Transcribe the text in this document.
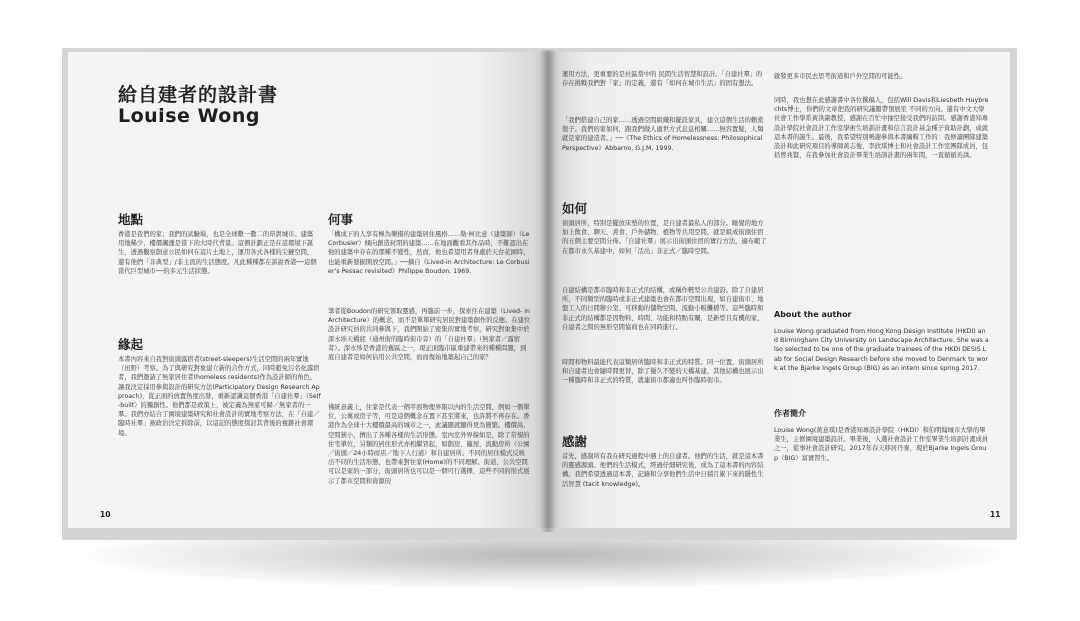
給自建者的設計書
Louise Wong
地點
香港是我們的家；我們的試驗場，也是全球數一數二的昂貴城市。建築用地稀少，樓價飆漲是當下的大時代背景。這個計劃正是在這環境下誕生，透過觀察創意公民如何在這片土地上，運用各式各樣的尖鏈空間，還有他們「非典型」/非主流的生活態度。凡此種種都在訴說香港──這個當代巨型城市──的多元生活狀態。
緣起
本書內容來自我對街頭露宿者(street-sleepers)生活空間的兩年實地（田野）考察。為了與研究對象建立新的合作方式，同時避免污名化露宿者，我們邀請了無家居住者(homeless residents)作為設計師的角色，讓我決定採用參與設計的研究方法(Participatory Design Research Approach)，從正面的放置角度出發，重新認識這個香港「自建社羣」（Self-built）的獨創性。他們都是政策上，被定義為無家可歸／無家者的一羣。我們亦結合了園境建築研究和社會設計的實地考察方法，在「自建／臨時社羣」被政治決定拆除前，以這記的態度探討其背後的複雜社會環境。
何事
「構成下的人享有極為樂揚的建築居住風格……勒·柯比意（建築師）（Le Corbusier）傾向創造封閉的建築……在地面觀看其作品時，不難認出在他的建築中存在的那種不變性，然而，他也希望用者身處於天台花園時，也能重新發掘開放空間。」──摘自《Lived-in Architecture: Le Corbusier's Pessac revisited》Philippe Boudon, 1969.
筆者從Boudon的研究領取靈感，再臨前一步，探索住在建築（Lived- in Architecture）的概念，而不是單單研究居民對建築創作的反應。在建位設計研究員的共同參與下，我們開始了密集的實地考察，研究對象集中於深水埗天橋底（通州街的臨時街市旁）的「自建社羣」（無家者／露宿者）。深水埗是香港的舊區之一，現正面臨市區重建帶來的種種問題，到底自建者是如何佔用公共空間，而而復始地築起自己的家？
佛統意義上，住家是代表一個平面物理界限以內的生活空間，例如一個單位、公寓或房子等，可是這個概念在置下甚至將來，也許將不再存在。香港作為全球十大樓價最高的城市之一，此議題就顯得更為簡繁。樓價高、空間狹小，擠出了各種各樣的生活形態。室內室外界線如是，除了常規的住宅單位，另類的居住形式亦相繼冒起，如劏房、籠屋、流動房所（公園／街頭／24小時商店／地下人行道）和自建居所。不同的居住模式反映出不同的生活形態，也帶來對住家(Home)的不同理解。街道、公共空間可以是家的一部分，街頭居所也可以是一個可行選擇，這些不同的形式展示了都市空間和資源的
10
運用方法，更重要的是社區當中的 民間生活智慧和設計。「自建社羣」的存在挑戰我們對「家」的定義，還有「如何在城市生活」的固有想法。
「我們搭建自己的家……透過空間組織和擺設家具，建立這個生活的賴密殼子。我們的家如何，跟我們做人處世方式息息相關……無容置疑，人類就是家的建造者。」──《The Ethics of Homelessness: Philosophical Perspective》Abbarno, G.J.M, 1999.
如何
街頭居所，特別是擺放床墊的位置，是自建者最私人的部分。睡覺的地方加上飲食、聊天、煮食、戶外儲物、植物等共用空間，就是組成街頭住宿的五個主要空間分佈。「自建社羣」展示出街頭住宿的實行方法，遍布範了在都市永久基建中，如何「活出」非正式／臨時空間。
自建結構是都市臨時和非正式的結構，或稱作輕型公共建設。除了自建居所，不同類型的臨時或非正式建築也會在都市空間出現，如自建街市、地盤工人的日間辦公室、可移動的儲物空間、流動小販攤檔等。這些臨時和非正式的結構都是因物料、時間、功能和特點有關，是新型且有機的家，自建者之間的無形空間協商也在同時進行。
時間和物料最能代表這類居所臨時和非正式的特質。同一位置，街頭居所和自建者也會隨時間更替，除了優久不變的天橋基建，其他結構也展示出一種臨時和非正式的特質，就連街市都適也叫作臨時街市。
感謝
首先，感謝所有我在研究過程中遇上的自建者。他們的生活，就是這本書的靈感源頭。他們的生活模式，經過仔細研究後，成為了這本書的內容結構。我們希望透過這本書，記錄和分享他們生活中日積月累下來的隱性生活智慧 (tacit knowledge)。
啟發更多市民去思考街道和戶外空間的可能性。
同時，我也想在此感謝書中各位撰稿人，包括Will Davis和Liesbeth Huybrechts博士，你們的文章把我的研究議題帶領展至 不同的方向。還有中文大學社會工作學系黃洪副教授，感謝在百忙中抽空接受我們的訪問。感謝香港知專設計學院社會設計工作室學術生培訓計畫和信言設計基金種子資助計劃，成就這本書的誕生。最後，我希望特別鳴謝參與本書編輯工作的：我修讀團隊建築設計和此研究項目的導師黃志俊、李欣琪博士和社會設計工作室團隊成員，包括曾兆賢，在我參加社會設計畢業生培訓計畫的兩年間，一直循循善誘。
About the author
Louise Wong graduated from Hong Kong Design Institute (HKDI) and Birmingham City University on Landscape Architecture. She was also selected to be one of the graduate trainees of the HKDI DESIS Lab for Social Design Research before she moved to Denmark to work at the Bjarke Ingels Group (BIG) as an intern since spring 2017.
作者簡介
Louise Wong(黃意琪)是香港知專設計學院（HKDI）和伯明翰城市大學的畢業生，主修園境建築設計。畢業後，入選社會設計工作室畢業生培訓計畫成員之一，從事社會設計研究。2017年春天移居丹麥，現於Bjarke Ingels Group（BIG）富實習生。
11
